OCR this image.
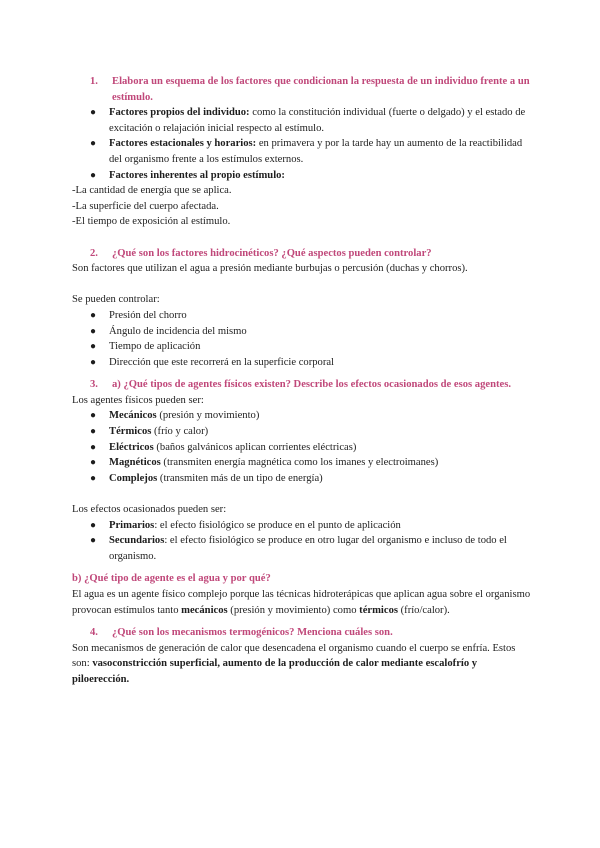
1. Elabora un esquema de los factores que condicionan la respuesta de un individuo frente a un estímulo.

● Factores propios del individuo: como la constitución individual (fuerte o delgado) y el estado de excitación o relajación inicial respecto al estímulo.
● Factores estacionales y horarios: en primavera y por la tarde hay un aumento de la reactibilidad del organismo frente a los estímulos externos.
● Factores inherentes al propio estímulo:

-La cantidad de energía que se aplica.

-La superficie del cuerpo afectada.

-El tiempo de exposición al estímulo.

2. ¿Qué son los factores hidrocinéticos? ¿Qué aspectos pueden controlar?

Son factores que utilizan el agua a presión mediante burbujas o percusión (duchas y chorros).

Se pueden controlar:

● Presión del chorro
● Ángulo de incidencia del mismo
● Tiempo de aplicación
● Dirección que este recorrerá en la superficie corporal

3. a) ¿Qué tipos de agentes físicos existen? Describe los efectos ocasionados de esos agentes.

Los agentes físicos pueden ser:

● Mecánicos (presión y movimiento)
● Térmicos (frío y calor)
● Eléctricos (baños galvánicos aplican corrientes eléctricas)
● Magnéticos (transmiten energía magnética como los imanes y electroimanes)
● Complejos (transmiten más de un tipo de energía)

Los efectos ocasionados pueden ser:

● Primarios: el efecto fisiológico se produce en el punto de aplicación
● Secundarios: el efecto fisiológico se produce en otro lugar del organismo e incluso de todo el organismo.

b) ¿Qué tipo de agente es el agua y por qué?

El agua es un agente físico complejo porque las técnicas hidroterápicas que aplican agua sobre el organismo provocan estímulos tanto mecánicos (presión y movimiento) como térmicos (frío/calor).

4. ¿Qué son los mecanismos termogénicos? Menciona cuáles son.

Son mecanismos de generación de calor que desencadena el organismo cuando el cuerpo se enfría. Estos son: vasoconstricción superficial, aumento de la producción de calor mediante escalofrío y piloerección.
